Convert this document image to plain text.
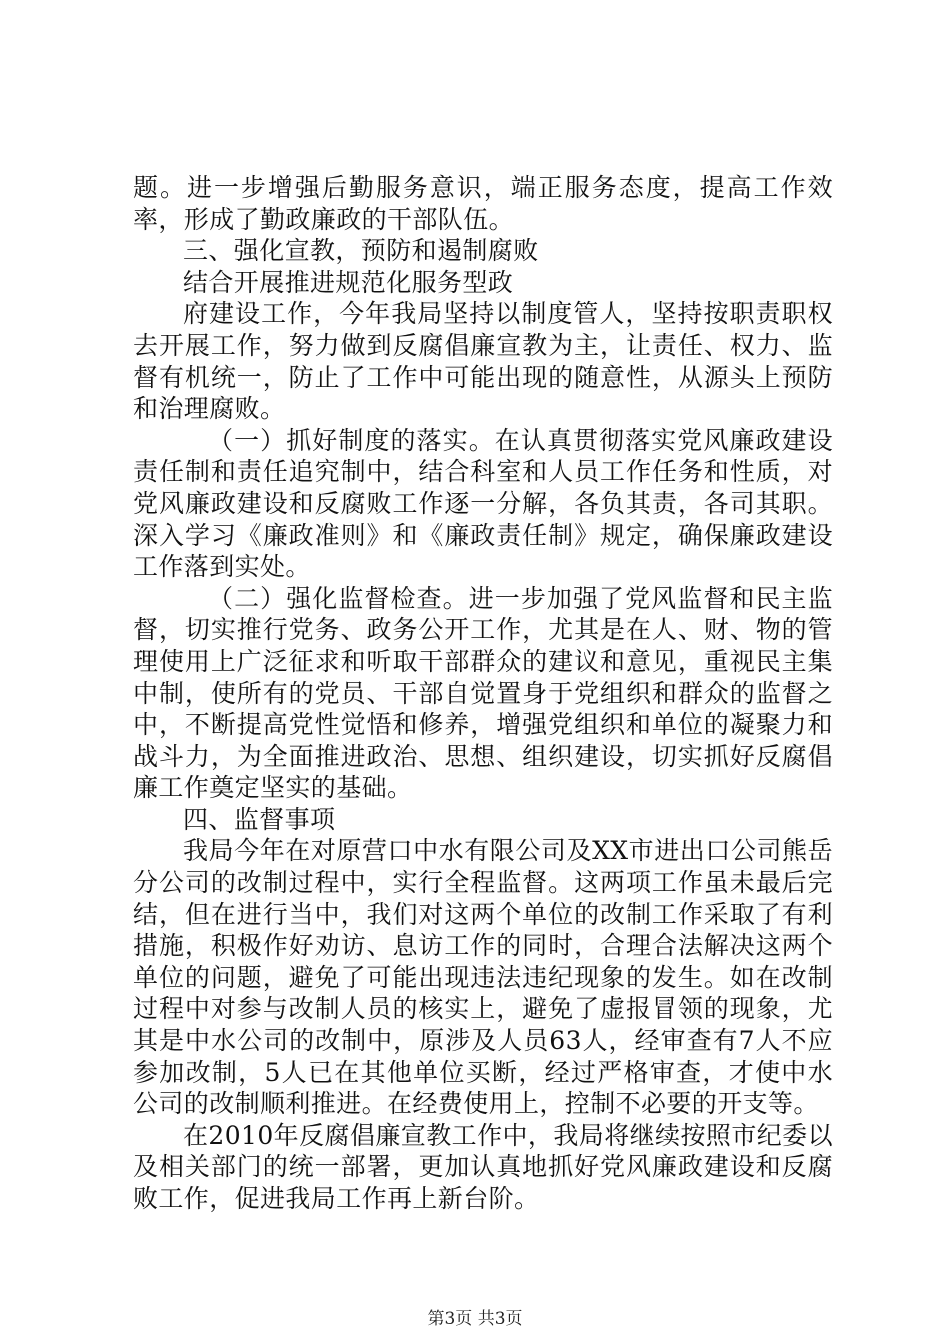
题。进一步增强后勤服务意识，端正服务态度，提高工作效率，形成了勤政廉政的干部队伍。

三、强化宣教，预防和遏制腐败

结合开展推进规范化服务型政

府建设工作，今年我局坚持以制度管人，坚持按职责职权去开展工作，努力做到反腐倡廉宣教为主，让责任、权力、监督有机统一，防止了工作中可能出现的随意性，从源头上预防和治理腐败。

（一）抓好制度的落实。在认真贯彻落实党风廉政建设责任制和责任追究制中，结合科室和人员工作任务和性质，对党风廉政建设和反腐败工作逐一分解，各负其责，各司其职。深入学习《廉政准则》和《廉政责任制》规定，确保廉政建设工作落到实处。

（二）强化监督检查。进一步加强了党风监督和民主监督，切实推行党务、政务公开工作，尤其是在人、财、物的管理使用上广泛征求和听取干部群众的建议和意见，重视民主集中制，使所有的党员、干部自觉置身于党组织和群众的监督之中，不断提高党性觉悟和修养，增强党组织和单位的凝聚力和战斗力，为全面推进政治、思想、组织建设，切实抓好反腐倡廉工作奠定坚实的基础。

四、监督事项

我局今年在对原营口中水有限公司及XX市进出口公司熊岳分公司的改制过程中，实行全程监督。这两项工作虽未最后完结，但在进行当中，我们对这两个单位的改制工作采取了有利措施，积极作好劝访、息访工作的同时，合理合法解决这两个单位的问题，避免了可能出现违法违纪现象的发生。如在改制过程中对参与改制人员的核实上，避免了虚报冒领的现象，尤其是中水公司的改制中，原涉及人员63人，经审查有7人不应参加改制，5人已在其他单位买断，经过严格审查，才使中水公司的改制顺利推进。在经费使用上，控制不必要的开支等。

在2010年反腐倡廉宣教工作中，我局将继续按照市纪委以及相关部门的统一部署，更加认真地抓好党风廉政建设和反腐败工作，促进我局工作再上新台阶。

第3页 共3页
